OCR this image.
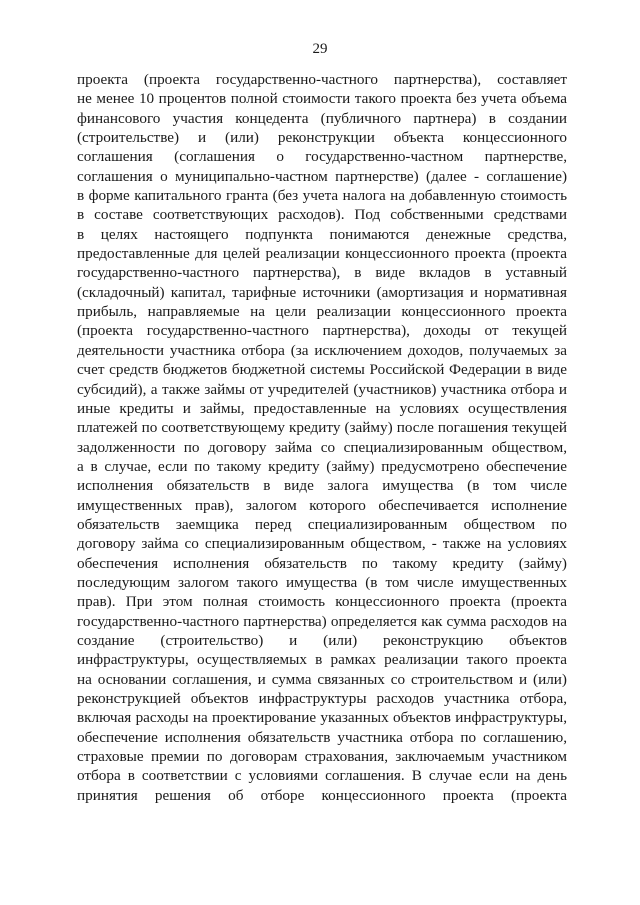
29
проекта (проекта государственно-частного партнерства), составляет
не менее 10 процентов полной стоимости такого проекта без учета объема
финансового участия концедента (публичного партнера) в создании
(строительстве) и (или) реконструкции объекта концессионного
соглашения (соглашения о государственно-частном партнерстве,
соглашения о муниципально-частном партнерстве) (далее - соглашение)
в форме капитального гранта (без учета налога на добавленную стоимость
в составе соответствующих расходов). Под собственными средствами
в целях настоящего подпункта понимаются денежные средства,
предоставленные для целей реализации концессионного проекта (проекта
государственно-частного партнерства), в виде вкладов в уставный
(складочный) капитал, тарифные источники (амортизация и нормативная
прибыль, направляемые на цели реализации концессионного проекта
(проекта государственно-частного партнерства), доходы от текущей
деятельности участника отбора (за исключением доходов, получаемых за
счет средств бюджетов бюджетной системы Российской Федерации в виде
субсидий), а также займы от учредителей (участников) участника отбора и
иные кредиты и займы, предоставленные на условиях осуществления
платежей по соответствующему кредиту (займу) после погашения текущей
задолженности по договору займа со специализированным обществом,
а в случае, если по такому кредиту (займу) предусмотрено обеспечение
исполнения обязательств в виде залога имущества (в том числе
имущественных прав), залогом которого обеспечивается исполнение
обязательств заемщика перед специализированным обществом по
договору займа со специализированным обществом, - также на условиях
обеспечения исполнения обязательств по такому кредиту (займу)
последующим залогом такого имущества (в том числе имущественных
прав). При этом полная стоимость концессионного проекта (проекта
государственно-частного партнерства) определяется как сумма расходов на
создание (строительство) и (или) реконструкцию объектов
инфраструктуры, осуществляемых в рамках реализации такого проекта
на основании соглашения, и сумма связанных со строительством и (или)
реконструкцией объектов инфраструктуры расходов участника отбора,
включая расходы на проектирование указанных объектов инфраструктуры,
обеспечение исполнения обязательств участника отбора по соглашению,
страховые премии по договорам страхования, заключаемым участником
отбора в соответствии с условиями соглашения. В случае если на день
принятия решения об отборе концессионного проекта (проекта
